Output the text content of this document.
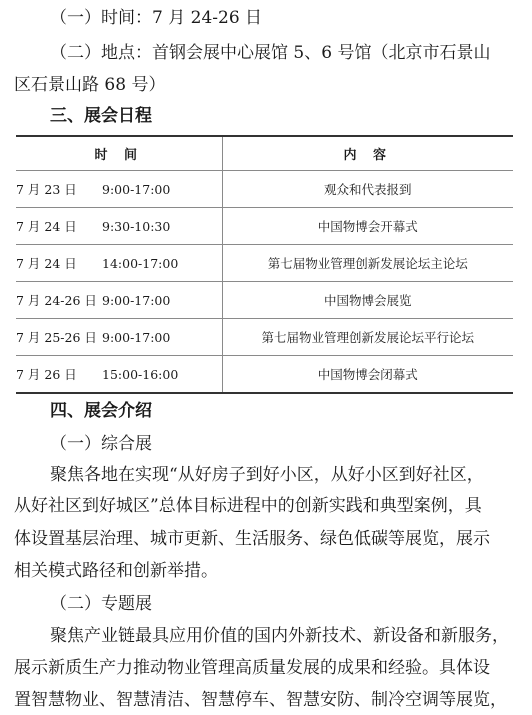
（一）时间：7 月 24-26 日
（二）地点：首钢会展中心展馆 5、6 号馆（北京市石景山
区石景山路 68 号）
三、展会日程
时 间		内 容
7 月 23 日	9:00-17:00	观众和代表报到
7 月 24 日	9:30-10:30	中国物博会开幕式
7 月 24 日	14:00-17:00	第七届物业管理创新发展论坛主论坛
7 月 24-26 日	9:00-17:00	中国物博会展览
7 月 25-26 日	9:00-17:00	第七届物业管理创新发展论坛平行论坛
7 月 26 日	15:00-16:00	中国物博会闭幕式
四、展会介绍
（一）综合展
聚焦各地在实现“从好房子到好小区，从好小区到好社区，
从好社区到好城区”总体目标进程中的创新实践和典型案例，具
体设置基层治理、城市更新、生活服务、绿色低碳等展览，展示
相关模式路径和创新举措。
（二）专题展
聚焦产业链最具应用价值的国内外新技术、新设备和新服务，
展示新质生产力推动物业管理高质量发展的成果和经验。具体设
置智慧物业、智慧清洁、智慧停车、智慧安防、制冷空调等展览，
